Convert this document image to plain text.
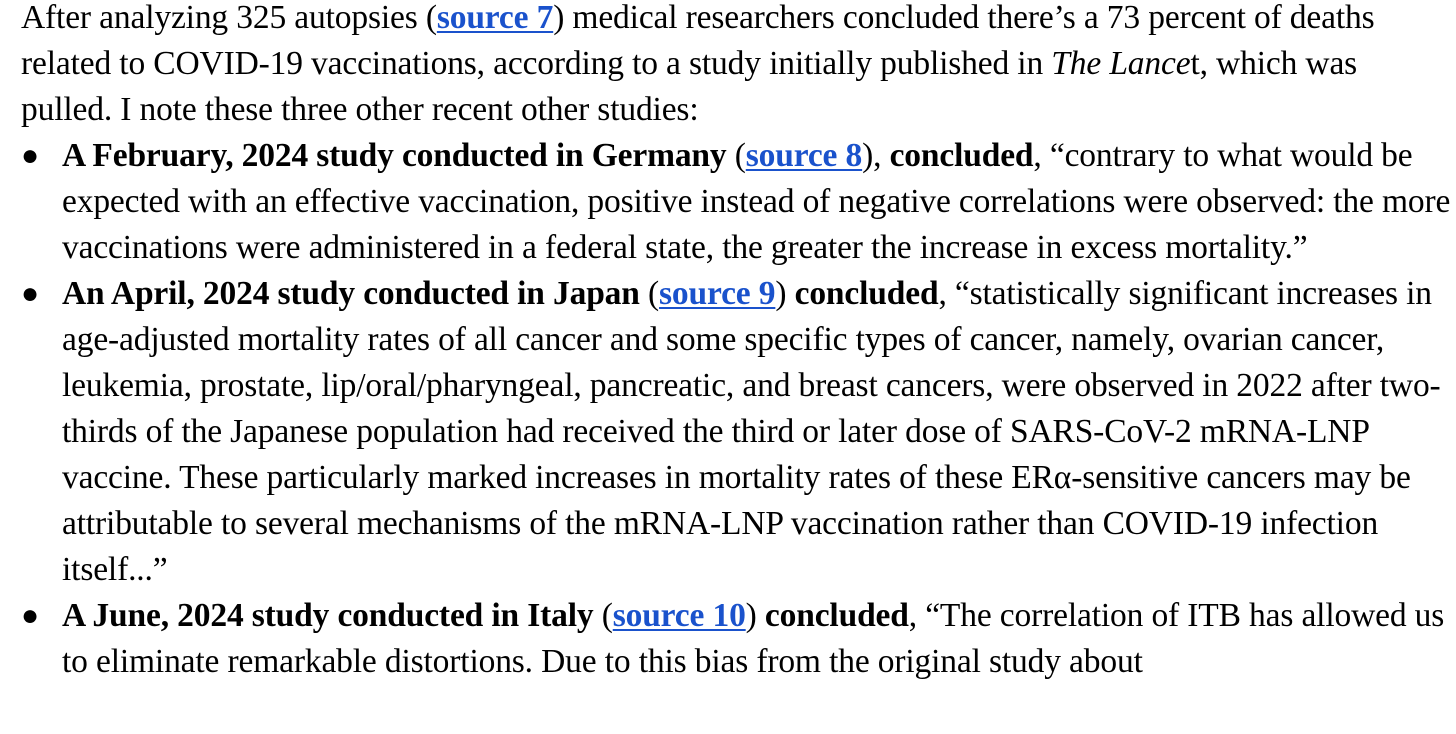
After analyzing 325 autopsies (source 7) medical researchers concluded there’s a 73 percent of deaths related to COVID-19 vaccinations, according to a study initially published in The Lancet, which was pulled. I note these three other recent other studies:

● A February, 2024 study conducted in Germany (source 8), concluded, “contrary to what would be expected with an effective vaccination, positive instead of negative correlations were observed: the more vaccinations were administered in a federal state, the greater the increase in excess mortality.”
● An April, 2024 study conducted in Japan (source 9) concluded, “statistically significant increases in age-adjusted mortality rates of all cancer and some specific types of cancer, namely, ovarian cancer, leukemia, prostate, lip/oral/pharyngeal, pancreatic, and breast cancers, were observed in 2022 after two-thirds of the Japanese population had received the third or later dose of SARS-CoV-2 mRNA-LNP vaccine. These particularly marked increases in mortality rates of these ERα-sensitive cancers may be attributable to several mechanisms of the mRNA-LNP vaccination rather than COVID-19 infection itself...”
● A June, 2024 study conducted in Italy (source 10) concluded, “The correlation of ITB has allowed us to eliminate remarkable distortions. Due to this bias from the original study about
